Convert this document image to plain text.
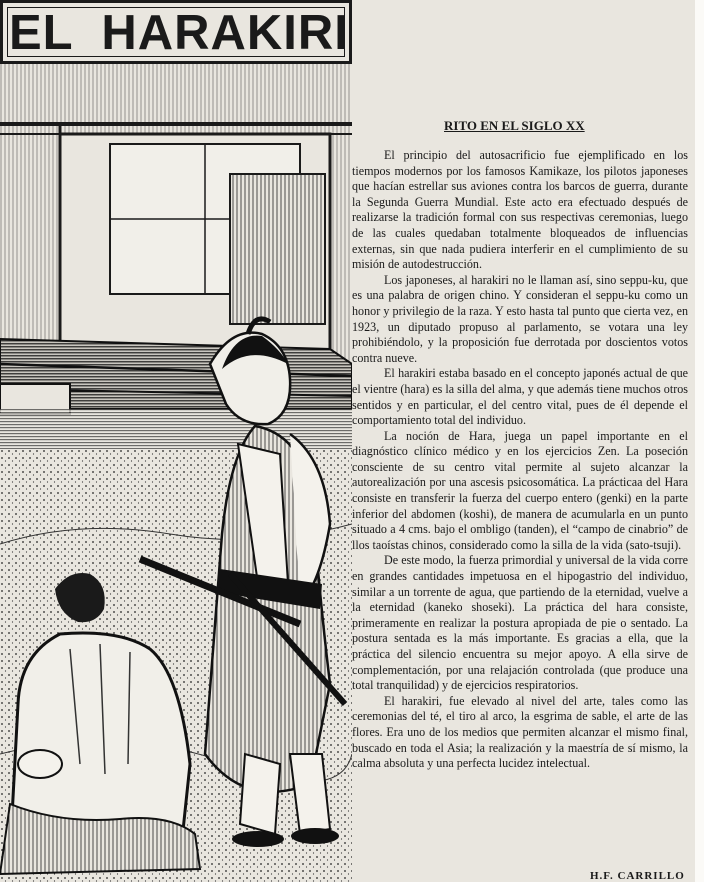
EL HARAKIRI
RITO EN EL SIGLO XX

El principio del autosacrificio fue ejemplificado en los tiempos modernos por los famosos Kamikaze, los pilotos japoneses que hacían estrellar sus aviones contra los barcos de guerra, durante la Segunda Guerra Mundial. Este acto era efectuado después de realizarse la tradición formal con sus respectivas ceremonias, luego de las cuales quedaban totalmente bloqueados de influencias externas, sin que nada pudiera interferir en el cumplimiento de su misión de autodestrucción.

Los japoneses, al harakiri no le llaman así, sino seppu-ku, que es una palabra de origen chino. Y consideran el seppu-ku como un honor y privilegio de la raza. Y esto hasta tal punto que cierta vez, en 1923, un diputado propuso al parlamento, se votara una ley prohibiéndolo, y la proposición fue derrotada por doscientos votos contra nueve.

El harakiri estaba basado en el concepto japonés actual de que el vientre (hara) es la silla del alma, y que además tiene muchos otros sentidos y en particular, el del centro vital, pues de él depende el comportamiento total del individuo.

La noción de Hara, juega un papel importante en el diagnóstico clínico médico y en los ejercicios Zen. La poseción consciente de su centro vital permite al sujeto alcanzar la autorealización por una ascesis psicosomática. La prácticaa del Hara consiste en transferir la fuerza del cuerpo entero (genki) en la parte inferior del abdomen (koshi), de manera de acumularla en un punto situado a 4 cms. bajo el ombligo (tanden), el “campo de cinabrio” de llos taoístas chinos, considerado como la silla de la vida (sato-tsuji).

De este modo, la fuerza primordial y universal de la vida corre en grandes cantidades impetuosa en el hipogastrio del individuo, similar a un torrente de agua, que partiendo de la eternidad, vuelve a la eternidad (kaneko shoseki). La práctica del hara consiste, primeramente en realizar la postura apropiada de pie o sentado. La postura sentada es la más importante. Es gracias a ella, que la práctica del silencio encuentra su mejor apoyo. A ella sirve de complementación, por una relajación controlada (que produce una total tranquilidad) y de ejercicios respiratorios.

El harakiri, fue elevado al nivel del arte, tales como las ceremonias del té, el tiro al arco, la esgrima de sable, el arte de las flores. Era uno de los medios que permiten alcanzar el mismo final, buscado en toda el Asia; la realización y la maestría de sí mismo, la calma absoluta y una perfecta lucidez intelectual.

H.F. CARRILLO
